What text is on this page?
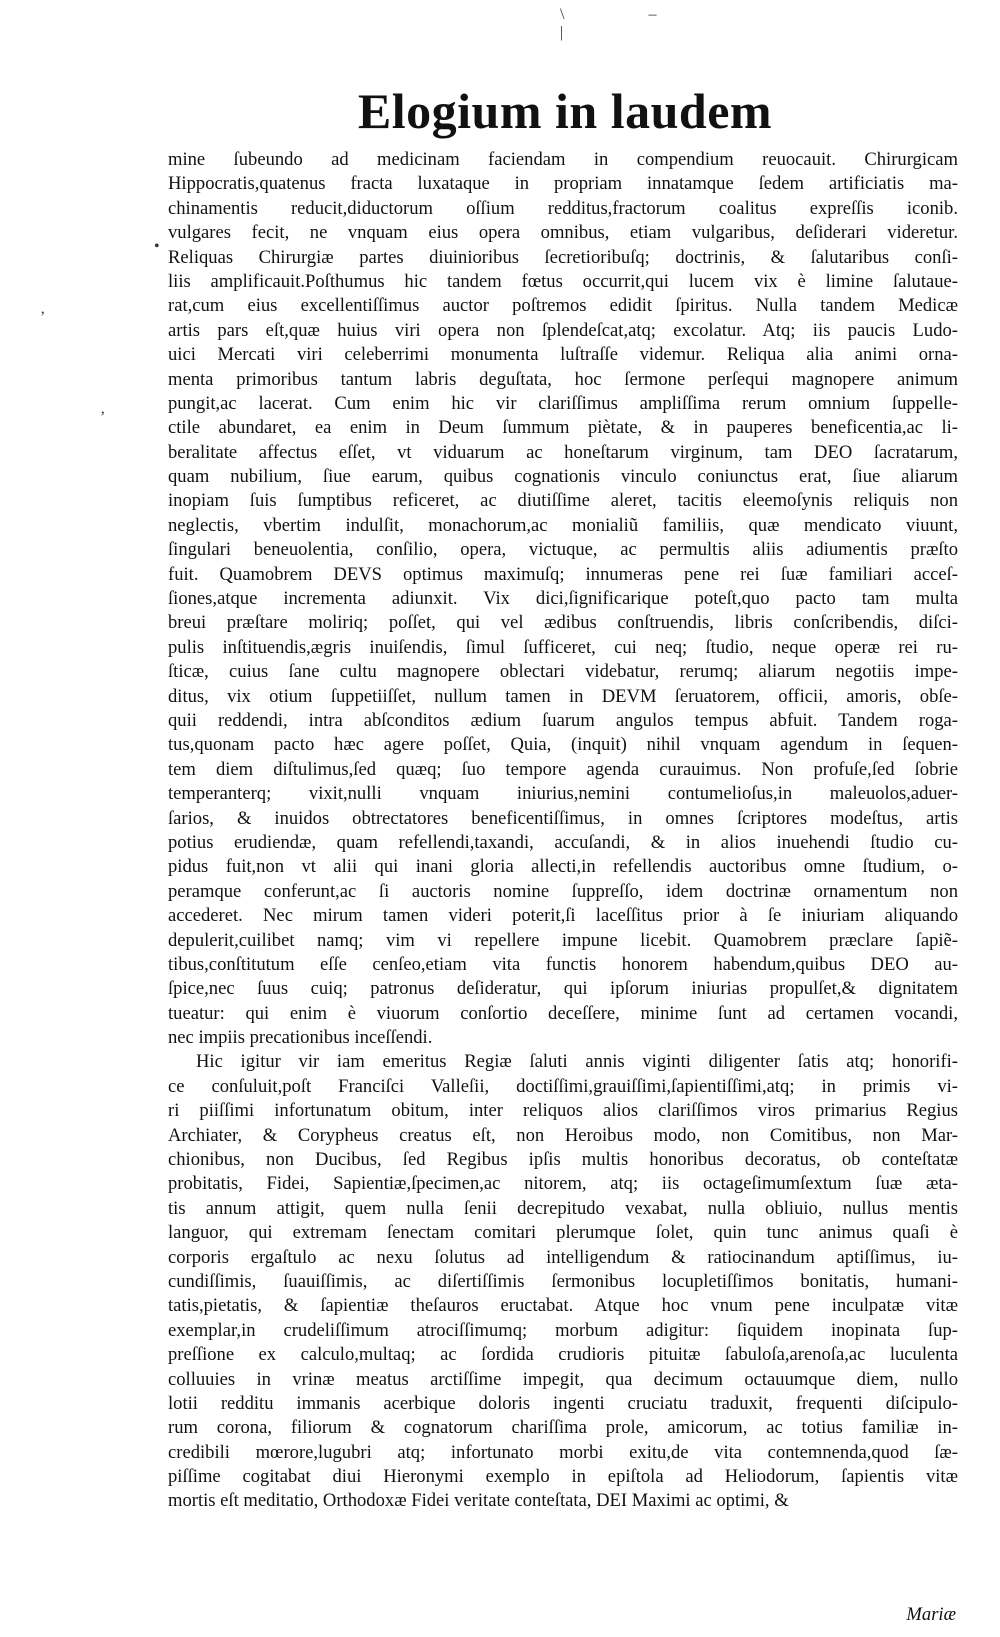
\ – |
Elogium in laudem
•
‚
‚
mine ſubeundo ad medicinam faciendam in compendium reuocauit. Chirurgicam
Hippocratis,quatenus fracta luxataque in propriam innatamque ſedem artificiatis ma-
chinamentis reducit,diductorum oſſium redditus,fractorum coalitus expreſſis iconib.
vulgares fecit, ne vnquam eius opera omnibus, etiam vulgaribus, deſiderari videretur.
Reliquas Chirurgiæ partes diuinioribus ſecretioribuſq; doctrinis, & ſalutaribus conſi-
liis amplificauit.Poſthumus hic tandem fœtus occurrit,qui lucem vix è limine ſalutaue-
rat,cum eius excellentiſſimus auctor poſtremos edidit ſpiritus. Nulla tandem Medicæ
artis pars eſt,quæ huius viri opera non ſplendeſcat,atq; excolatur. Atq; iis paucis Ludo-
uici Mercati viri celeberrimi monumenta luſtraſſe videmur. Reliqua alia animi orna-
menta primoribus tantum labris deguſtata, hoc ſermone perſequi magnopere animum
pungit,ac lacerat. Cum enim hic vir clariſſimus ampliſſima rerum omnium ſuppelle-
ctile abundaret, ea enim in Deum ſummum piètate, & in pauperes beneficentia,ac li-
beralitate affectus eſſet, vt viduarum ac honeſtarum virginum, tam DEO ſacratarum,
quam nubilium, ſiue earum, quibus cognationis vinculo coniunctus erat, ſiue aliarum
inopiam ſuis ſumptibus reficeret, ac diutiſſime aleret, tacitis eleemoſynis reliquis non
neglectis, vbertim indulſit, monachorum,ac monialiũ familiis, quæ mendicato viuunt,
ſingulari beneuolentia, conſilio, opera, victuque, ac permultis aliis adiumentis præſto
fuit. Quamobrem DEVS optimus maximuſq; innumeras pene rei ſuæ familiari acceſ-
ſiones,atque incrementa adiunxit. Vix dici,ſignificarique poteſt,quo pacto tam multa
breui præſtare moliriq; poſſet, qui vel ædibus conſtruendis, libris conſcribendis, diſci-
pulis inſtituendis,ægris inuiſendis, ſimul ſufficeret, cui neq; ſtudio, neque operæ rei ru-
ſticæ, cuius ſane cultu magnopere oblectari videbatur, rerumq; aliarum negotiis impe-
ditus, vix otium ſuppetiiſſet, nullum tamen in DEVM ſeruatorem, officii, amoris, obſe-
quii reddendi, intra abſconditos ædium ſuarum angulos tempus abfuit. Tandem roga-
tus,quonam pacto hæc agere poſſet, Quia, (inquit) nihil vnquam agendum in ſequen-
tem diem diſtulimus,ſed quæq; ſuo tempore agenda curauimus. Non profuſe,ſed ſobrie
temperanterq; vixit,nulli vnquam iniurius,nemini contumelioſus,in maleuolos,aduer-
ſarios, & inuidos obtrectatores beneficentiſſimus, in omnes ſcriptores modeſtus, artis
potius erudiendæ, quam refellendi,taxandi, accuſandi, & in alios inuehendi ſtudio cu-
pidus fuit,non vt alii qui inani gloria allecti,in refellendis auctoribus omne ſtudium, o-
peramque conferunt,ac ſi auctoris nomine ſuppreſſo, idem doctrinæ ornamentum non
accederet. Nec mirum tamen videri poterit,ſi laceſſitus prior à ſe iniuriam aliquando
depulerit,cuilibet namq; vim vi repellere impune licebit. Quamobrem præclare ſapiẽ-
tibus,conſtitutum eſſe cenſeo,etiam vita functis honorem habendum,quibus DEO au-
ſpice,nec ſuus cuiq; patronus deſideratur, qui ipſorum iniurias propulſet,& dignitatem
tueatur: qui enim è viuorum conſortio deceſſere, minime ſunt ad certamen vocandi,
nec impiis precationibus inceſſendi.
Hic igitur vir iam emeritus Regiæ ſaluti annis viginti diligenter ſatis atq; honorifi-
ce conſuluit,poſt Franciſci Valleſii, doctiſſimi,grauiſſimi,ſapientiſſimi,atq; in primis vi-
ri piiſſimi infortunatum obitum, inter reliquos alios clariſſimos viros primarius Regius
Archiater, & Corypheus creatus eſt, non Heroibus modo, non Comitibus, non Mar-
chionibus, non Ducibus, ſed Regibus ipſis multis honoribus decoratus, ob conteſtatæ
probitatis, Fidei, Sapientiæ,ſpecimen,ac nitorem, atq; iis octageſimumſextum ſuæ æta-
tis annum attigit, quem nulla ſenii decrepitudo vexabat, nulla obliuio, nullus mentis
languor, qui extremam ſenectam comitari plerumque ſolet, quin tunc animus quaſi è
corporis ergaſtulo ac nexu ſolutus ad intelligendum & ratiocinandum aptiſſimus, iu-
cundiſſimis, ſuauiſſimis, ac diſertiſſimis ſermonibus locupletiſſimos bonitatis, humani-
tatis,pietatis, & ſapientiæ theſauros eructabat. Atque hoc vnum pene inculpatæ vitæ
exemplar,in crudeliſſimum atrociſſimumq; morbum adigitur: ſiquidem inopinata ſup-
preſſione ex calculo,multaq; ac ſordida crudioris pituitæ ſabuloſa,arenoſa,ac luculenta
colluuies in vrinæ meatus arctiſſime impegit, qua decimum octauumque diem, nullo
lotii redditu immanis acerbique doloris ingenti cruciatu traduxit, frequenti diſcipulo-
rum corona, filiorum & cognatorum chariſſima prole, amicorum, ac totius familiæ in-
credibili mœrore,lugubri atq; infortunato morbi exitu,de vita contemnenda,quod ſæ-
piſſime cogitabat diui Hieronymi exemplo in epiſtola ad Heliodorum, ſapientis vitæ
mortis eſt meditatio, Orthodoxæ Fidei veritate conteſtata, DEI Maximi ac optimi, &
Mariæ
